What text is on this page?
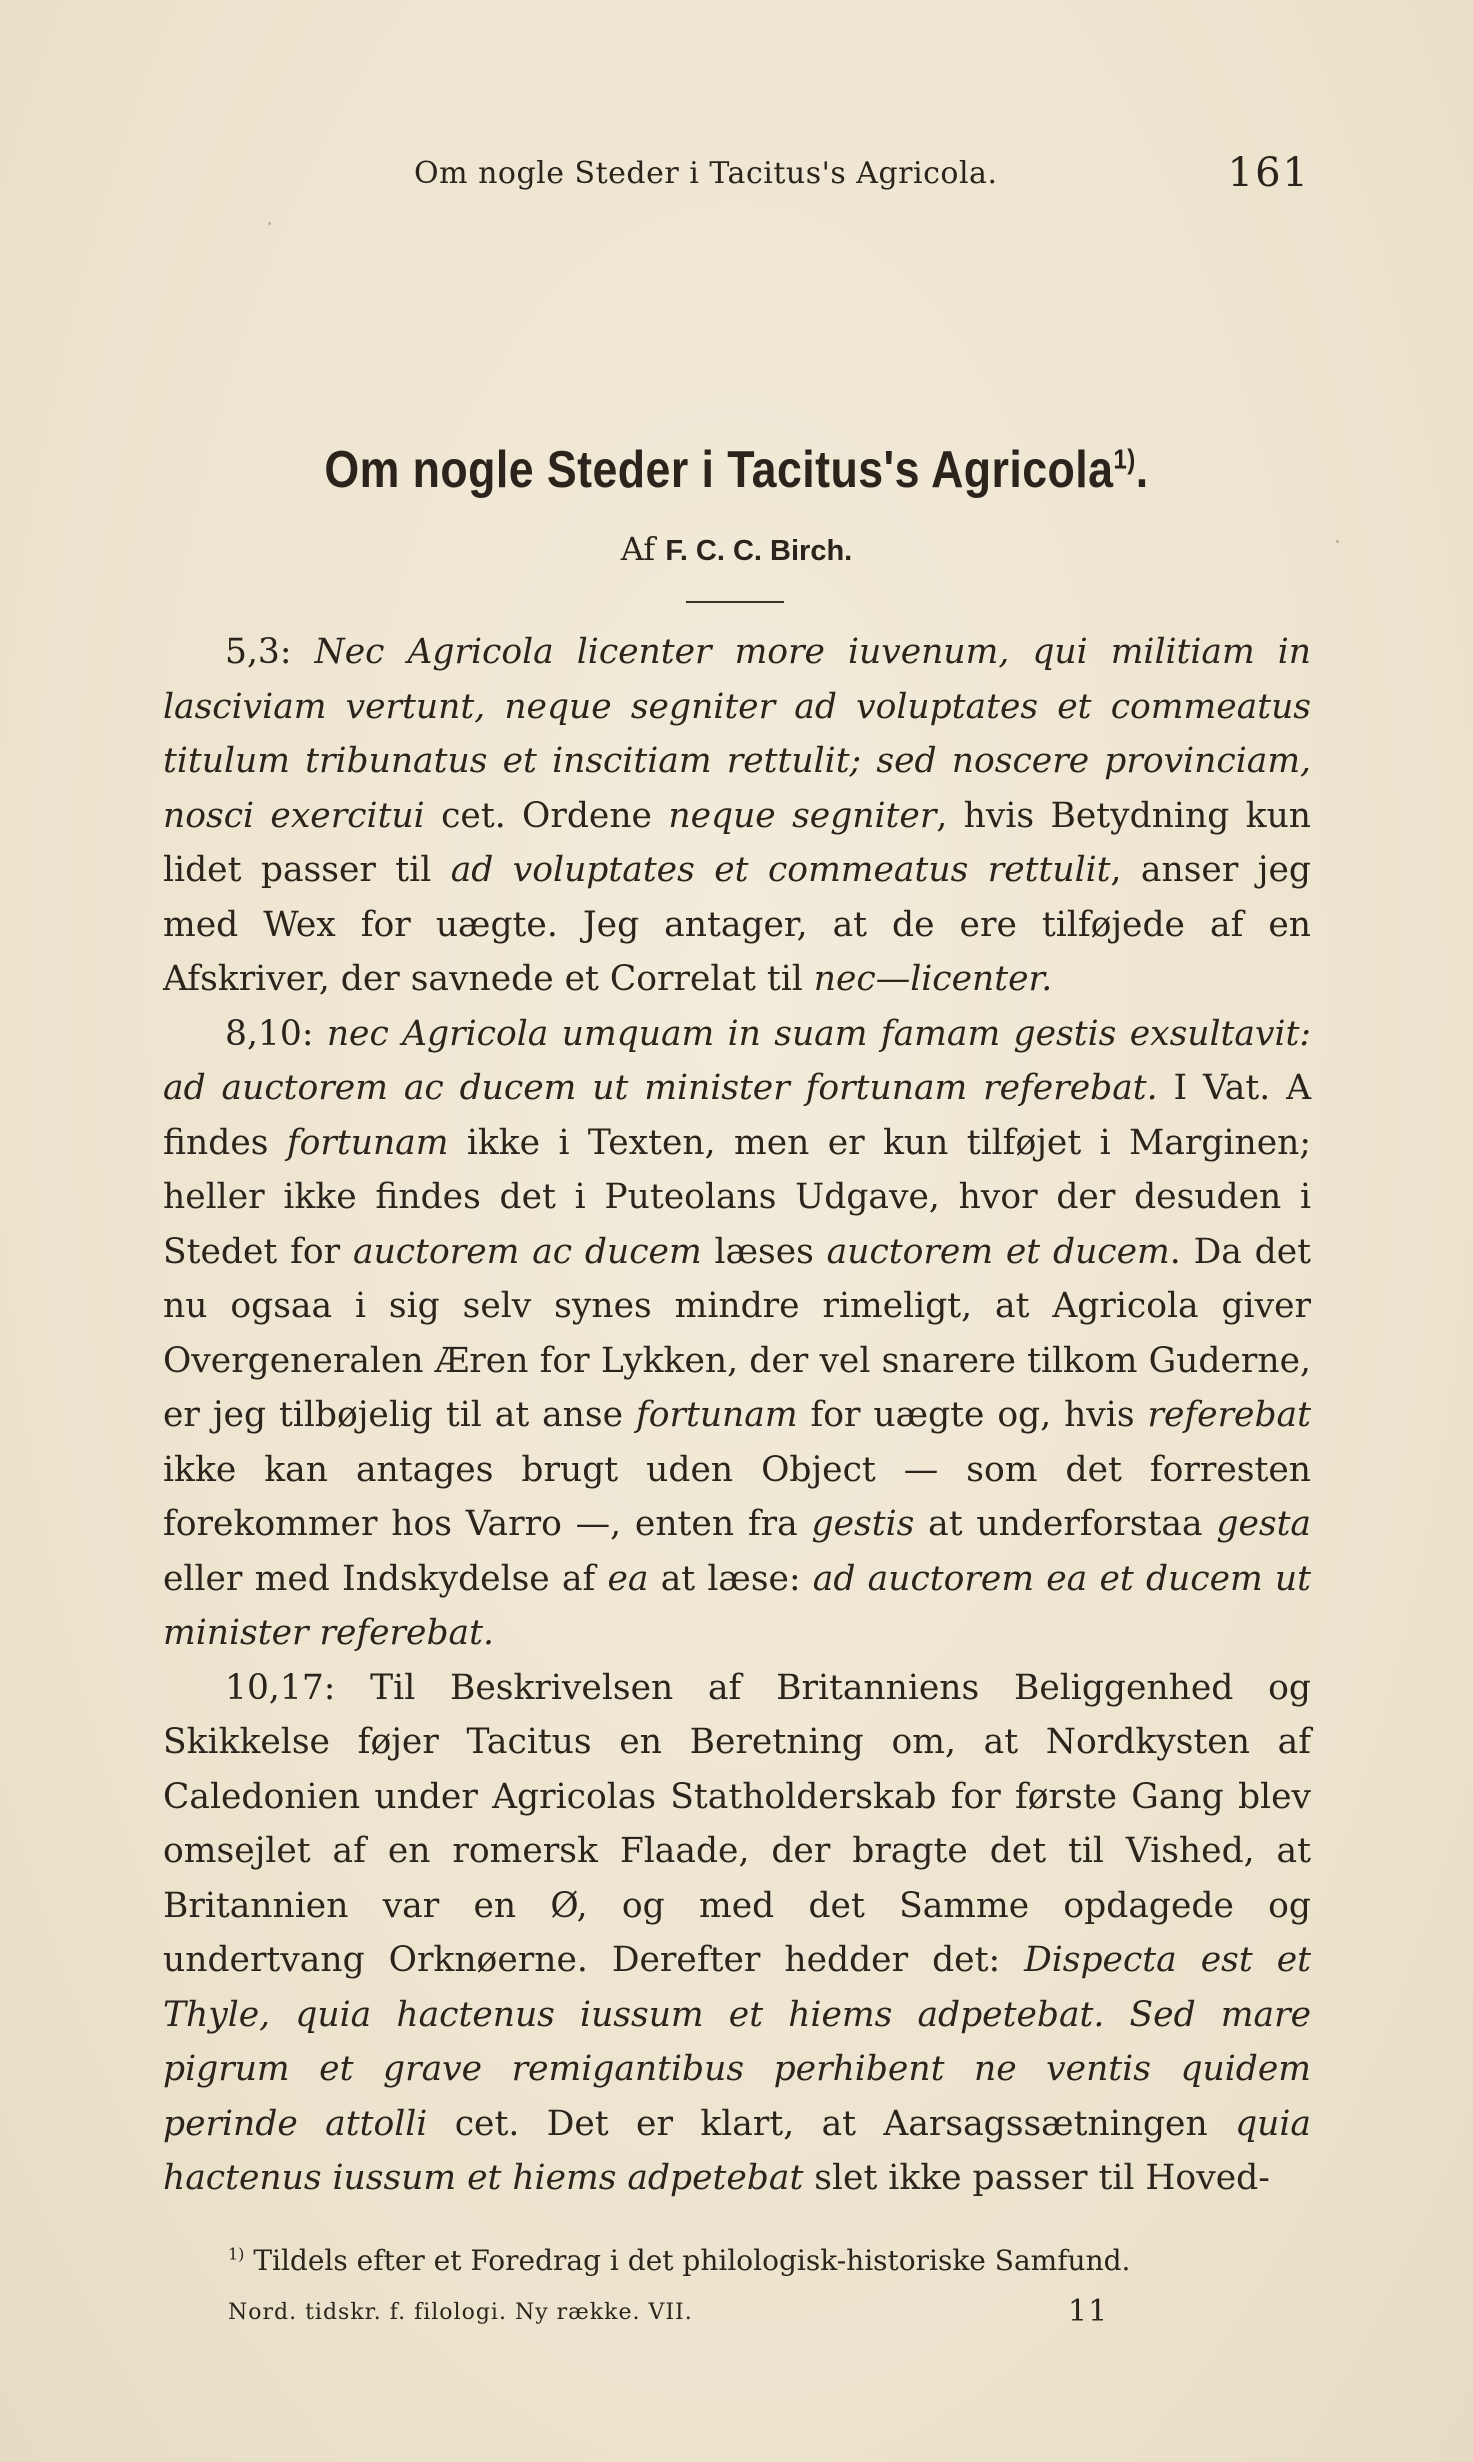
Om nogle Steder i Tacitus's Agricola.	161
Om nogle Steder i Tacitus's Agricola$^{1)}$.
Af F. C. C. Birch.

5,3: Nec Agricola licenter more iuvenum, qui militiam in lasciviam vertunt, neque segniter ad voluptates et commeatus titulum tribunatus et inscitiam rettulit; sed noscere provinciam, nosci exercitui cet. Ordene neque segniter, hvis Betydning kun lidet passer til ad voluptates et commeatus rettulit, anser jeg med Wex for uægte. Jeg antager, at de ere tilføjede af en Afskriver, der savnede et Correlat til nec—licenter.

8,10: nec Agricola umquam in suam famam gestis exsultavit: ad auctorem ac ducem ut minister fortunam referebat. I Vat. A findes fortunam ikke i Texten, men er kun tilføjet i Marginen; heller ikke findes det i Puteolans Udgave, hvor der desuden i Stedet for auctorem ac ducem læses auctorem et ducem. Da det nu ogsaa i sig selv synes mindre rimeligt, at Agricola giver Overgeneralen Æren for Lykken, der vel snarere tilkom Guderne, er jeg tilbøjelig til at anse fortunam for uægte og, hvis referebat ikke kan antages brugt uden Object — som det forresten forekommer hos Varro —, enten fra gestis at underforstaa gesta eller med Indskydelse af ea at læse: ad auctorem ea et ducem ut minister referebat.

10,17: Til Beskrivelsen af Britanniens Beliggenhed og Skikkelse føjer Tacitus en Beretning om, at Nordkysten af Caledonien under Agricolas Statholderskab for første Gang blev omsejlet af en romersk Flaade, der bragte det til Vished, at Britannien var en Ø, og med det Samme opdagede og undertvang Orknøerne. Derefter hedder det: Dispecta est et Thyle, quia hactenus iussum et hiems adpetebat. Sed mare pigrum et grave remigantibus perhibent ne ventis quidem perinde attolli cet. Det er klart, at Aarsagssætningen quia hactenus iussum et hiems adpetebat slet ikke passer til Hoved-

$^{1)}$ Tildels efter et Foredrag i det philologisk-historiske Samfund.
Nord. tidskr. f. filologi. Ny række. VII.	11
